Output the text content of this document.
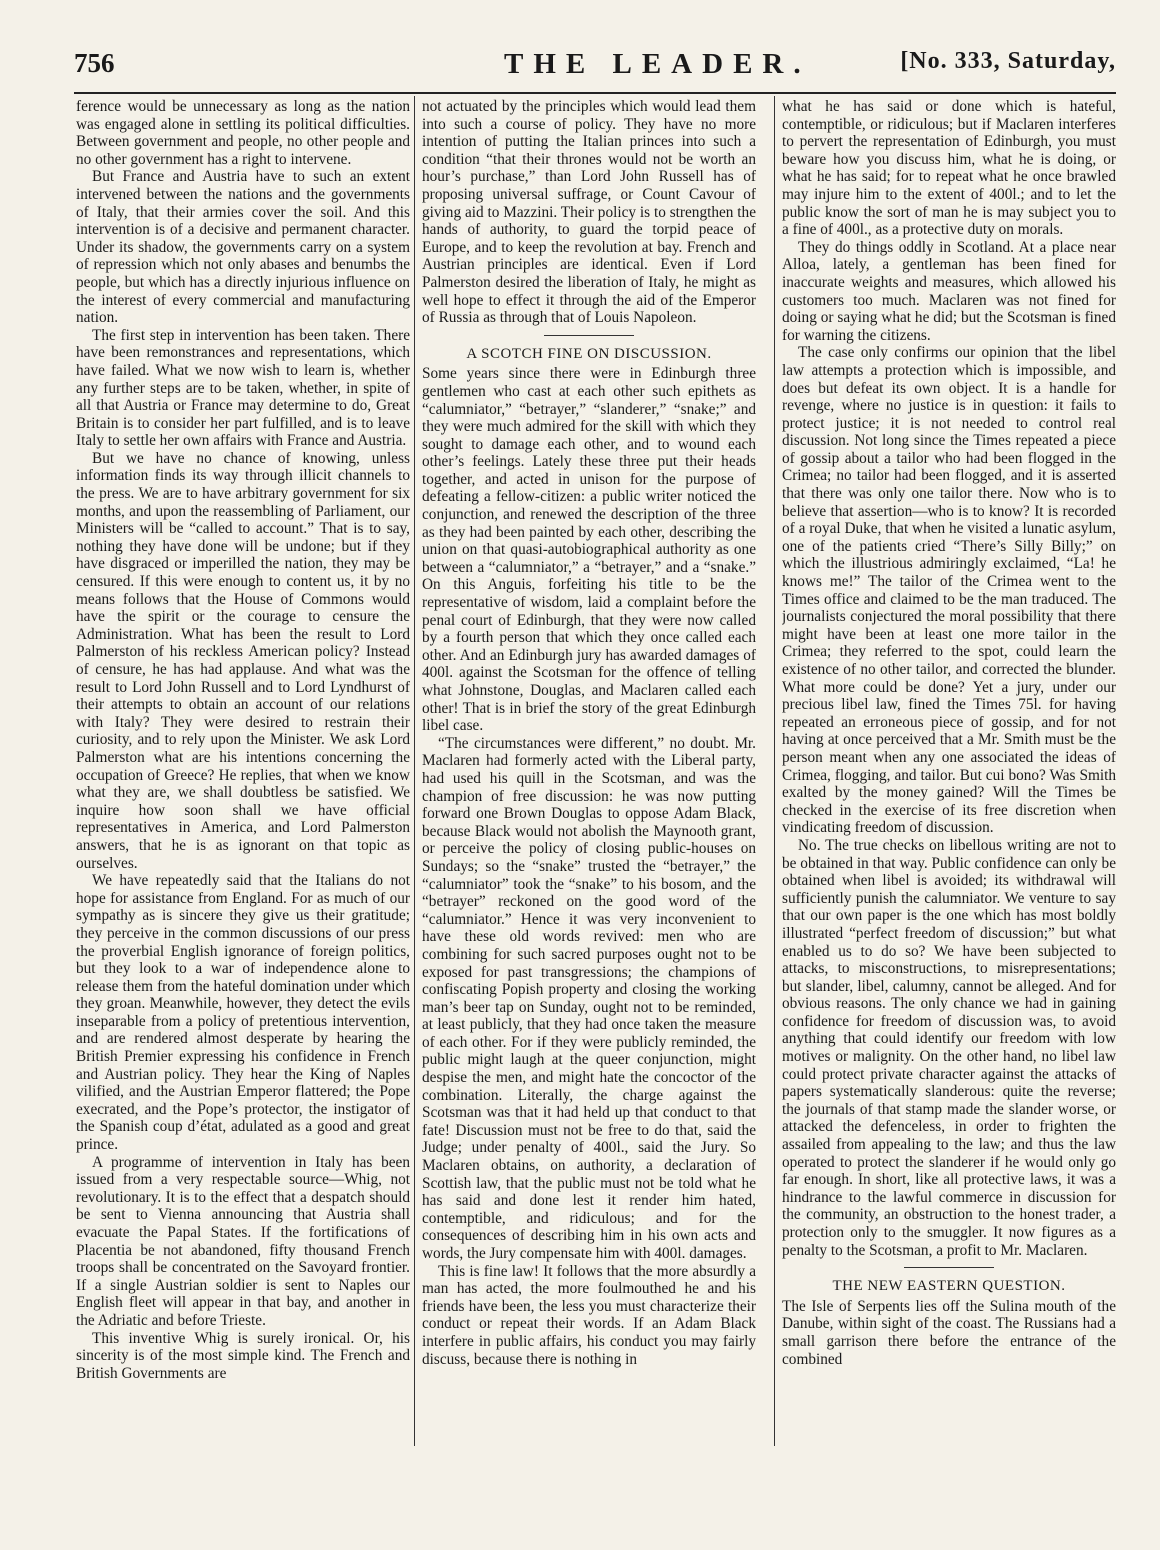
756	THE LEADER.	[No. 333, Saturday,

ference would be unnecessary as long as the nation was engaged alone in settling its political difficulties. Between government and people, no other people and no other government has a right to intervene.

But France and Austria have to such an extent intervened between the nations and the governments of Italy, that their armies cover the soil. And this intervention is of a decisive and permanent character. Under its shadow, the governments carry on a system of repression which not only abases and benumbs the people, but which has a directly injurious influence on the interest of every commercial and manufacturing nation.

The first step in intervention has been taken. There have been remonstrances and representations, which have failed. What we now wish to learn is, whether any further steps are to be taken, whether, in spite of all that Austria or France may determine to do, Great Britain is to consider her part fulfilled, and is to leave Italy to settle her own affairs with France and Austria.

But we have no chance of knowing, unless information finds its way through illicit channels to the press. We are to have arbitrary government for six months, and upon the reassembling of Parliament, our Ministers will be “called to account.” That is to say, nothing they have done will be undone; but if they have disgraced or imperilled the nation, they may be censured. If this were enough to content us, it by no means follows that the House of Commons would have the spirit or the courage to censure the Administration. What has been the result to Lord Palmerston of his reckless American policy? Instead of censure, he has had applause. And what was the result to Lord John Russell and to Lord Lyndhurst of their attempts to obtain an account of our relations with Italy? They were desired to restrain their curiosity, and to rely upon the Minister. We ask Lord Palmerston what are his intentions concerning the occupation of Greece? He replies, that when we know what they are, we shall doubtless be satisfied. We inquire how soon shall we have official representatives in America, and Lord Palmerston answers, that he is as ignorant on that topic as ourselves.

We have repeatedly said that the Italians do not hope for assistance from England. For as much of our sympathy as is sincere they give us their gratitude; they perceive in the common discussions of our press the proverbial English ignorance of foreign politics, but they look to a war of independence alone to release them from the hateful domination under which they groan. Meanwhile, however, they detect the evils inseparable from a policy of pretentious intervention, and are rendered almost desperate by hearing the British Premier expressing his confidence in French and Austrian policy. They hear the King of Naples vilified, and the Austrian Emperor flattered; the Pope execrated, and the Pope’s protector, the instigator of the Spanish coup d’état, adulated as a good and great prince.

A programme of intervention in Italy has been issued from a very respectable source—Whig, not revolutionary. It is to the effect that a despatch should be sent to Vienna announcing that Austria shall evacuate the Papal States. If the fortifications of Placentia be not abandoned, fifty thousand French troops shall be concentrated on the Savoyard frontier. If a single Austrian soldier is sent to Naples our English fleet will appear in that bay, and another in the Adriatic and before Trieste.

This inventive Whig is surely ironical. Or, his sincerity is of the most simple kind. The French and British Governments are

not actuated by the principles which would lead them into such a course of policy. They have no more intention of putting the Italian princes into such a condition “that their thrones would not be worth an hour’s purchase,” than Lord John Russell has of proposing universal suffrage, or Count Cavour of giving aid to Mazzini. Their policy is to strengthen the hands of authority, to guard the torpid peace of Europe, and to keep the revolution at bay. French and Austrian principles are identical. Even if Lord Palmerston desired the liberation of Italy, he might as well hope to effect it through the aid of the Emperor of Russia as through that of Louis Napoleon.

A SCOTCH FINE ON DISCUSSION.

Some years since there were in Edinburgh three gentlemen who cast at each other such epithets as “calumniator,” “betrayer,” “slanderer,” “snake;” and they were much admired for the skill with which they sought to damage each other, and to wound each other’s feelings. Lately these three put their heads together, and acted in unison for the purpose of defeating a fellow-citizen: a public writer noticed the conjunction, and renewed the description of the three as they had been painted by each other, describing the union on that quasi-autobiographical authority as one between a “calumniator,” a “betrayer,” and a “snake.” On this Anguis, forfeiting his title to be the representative of wisdom, laid a complaint before the penal court of Edinburgh, that they were now called by a fourth person that which they once called each other. And an Edinburgh jury has awarded damages of 400l. against the Scotsman for the offence of telling what Johnstone, Douglas, and Maclaren called each other! That is in brief the story of the great Edinburgh libel case.

“The circumstances were different,” no doubt. Mr. Maclaren had formerly acted with the Liberal party, had used his quill in the Scotsman, and was the champion of free discussion: he was now putting forward one Brown Douglas to oppose Adam Black, because Black would not abolish the Maynooth grant, or perceive the policy of closing public-houses on Sundays; so the “snake” trusted the “betrayer,” the “calumniator” took the “snake” to his bosom, and the “betrayer” reckoned on the good word of the “calumniator.” Hence it was very inconvenient to have these old words revived: men who are combining for such sacred purposes ought not to be exposed for past transgressions; the champions of confiscating Popish property and closing the working man’s beer tap on Sunday, ought not to be reminded, at least publicly, that they had once taken the measure of each other. For if they were publicly reminded, the public might laugh at the queer conjunction, might despise the men, and might hate the concoctor of the combination. Literally, the charge against the Scotsman was that it had held up that conduct to that fate! Discussion must not be free to do that, said the Judge; under penalty of 400l., said the Jury. So Maclaren obtains, on authority, a declaration of Scottish law, that the public must not be told what he has said and done lest it render him hated, contemptible, and ridiculous; and for the consequences of describing him in his own acts and words, the Jury compensate him with 400l. damages.

This is fine law! It follows that the more absurdly a man has acted, the more foulmouthed he and his friends have been, the less you must characterize their conduct or repeat their words. If an Adam Black interfere in public affairs, his conduct you may fairly discuss, because there is nothing in

what he has said or done which is hateful, contemptible, or ridiculous; but if Maclaren interferes to pervert the representation of Edinburgh, you must beware how you discuss him, what he is doing, or what he has said; for to repeat what he once brawled may injure him to the extent of 400l.; and to let the public know the sort of man he is may subject you to a fine of 400l., as a protective duty on morals.

They do things oddly in Scotland. At a place near Alloa, lately, a gentleman has been fined for inaccurate weights and measures, which allowed his customers too much. Maclaren was not fined for doing or saying what he did; but the Scotsman is fined for warning the citizens.

The case only confirms our opinion that the libel law attempts a protection which is impossible, and does but defeat its own object. It is a handle for revenge, where no justice is in question: it fails to protect justice; it is not needed to control real discussion. Not long since the Times repeated a piece of gossip about a tailor who had been flogged in the Crimea; no tailor had been flogged, and it is asserted that there was only one tailor there. Now who is to believe that assertion—who is to know? It is recorded of a royal Duke, that when he visited a lunatic asylum, one of the patients cried “There’s Silly Billy;” on which the illustrious admiringly exclaimed, “La! he knows me!” The tailor of the Crimea went to the Times office and claimed to be the man traduced. The journalists conjectured the moral possibility that there might have been at least one more tailor in the Crimea; they referred to the spot, could learn the existence of no other tailor, and corrected the blunder. What more could be done? Yet a jury, under our precious libel law, fined the Times 75l. for having repeated an erroneous piece of gossip, and for not having at once perceived that a Mr. Smith must be the person meant when any one associated the ideas of Crimea, flogging, and tailor. But cui bono? Was Smith exalted by the money gained? Will the Times be checked in the exercise of its free discretion when vindicating freedom of discussion.

No. The true checks on libellous writing are not to be obtained in that way. Public confidence can only be obtained when libel is avoided; its withdrawal will sufficiently punish the calumniator. We venture to say that our own paper is the one which has most boldly illustrated “perfect freedom of discussion;” but what enabled us to do so? We have been subjected to attacks, to misconstructions, to misrepresentations; but slander, libel, calumny, cannot be alleged. And for obvious reasons. The only chance we had in gaining confidence for freedom of discussion was, to avoid anything that could identify our freedom with low motives or malignity. On the other hand, no libel law could protect private character against the attacks of papers systematically slanderous: quite the reverse; the journals of that stamp made the slander worse, or attacked the defenceless, in order to frighten the assailed from appealing to the law; and thus the law operated to protect the slanderer if he would only go far enough. In short, like all protective laws, it was a hindrance to the lawful commerce in discussion for the community, an obstruction to the honest trader, a protection only to the smuggler. It now figures as a penalty to the Scotsman, a profit to Mr. Maclaren.

THE NEW EASTERN QUESTION.

The Isle of Serpents lies off the Sulina mouth of the Danube, within sight of the coast. The Russians had a small garrison there before the entrance of the combined
